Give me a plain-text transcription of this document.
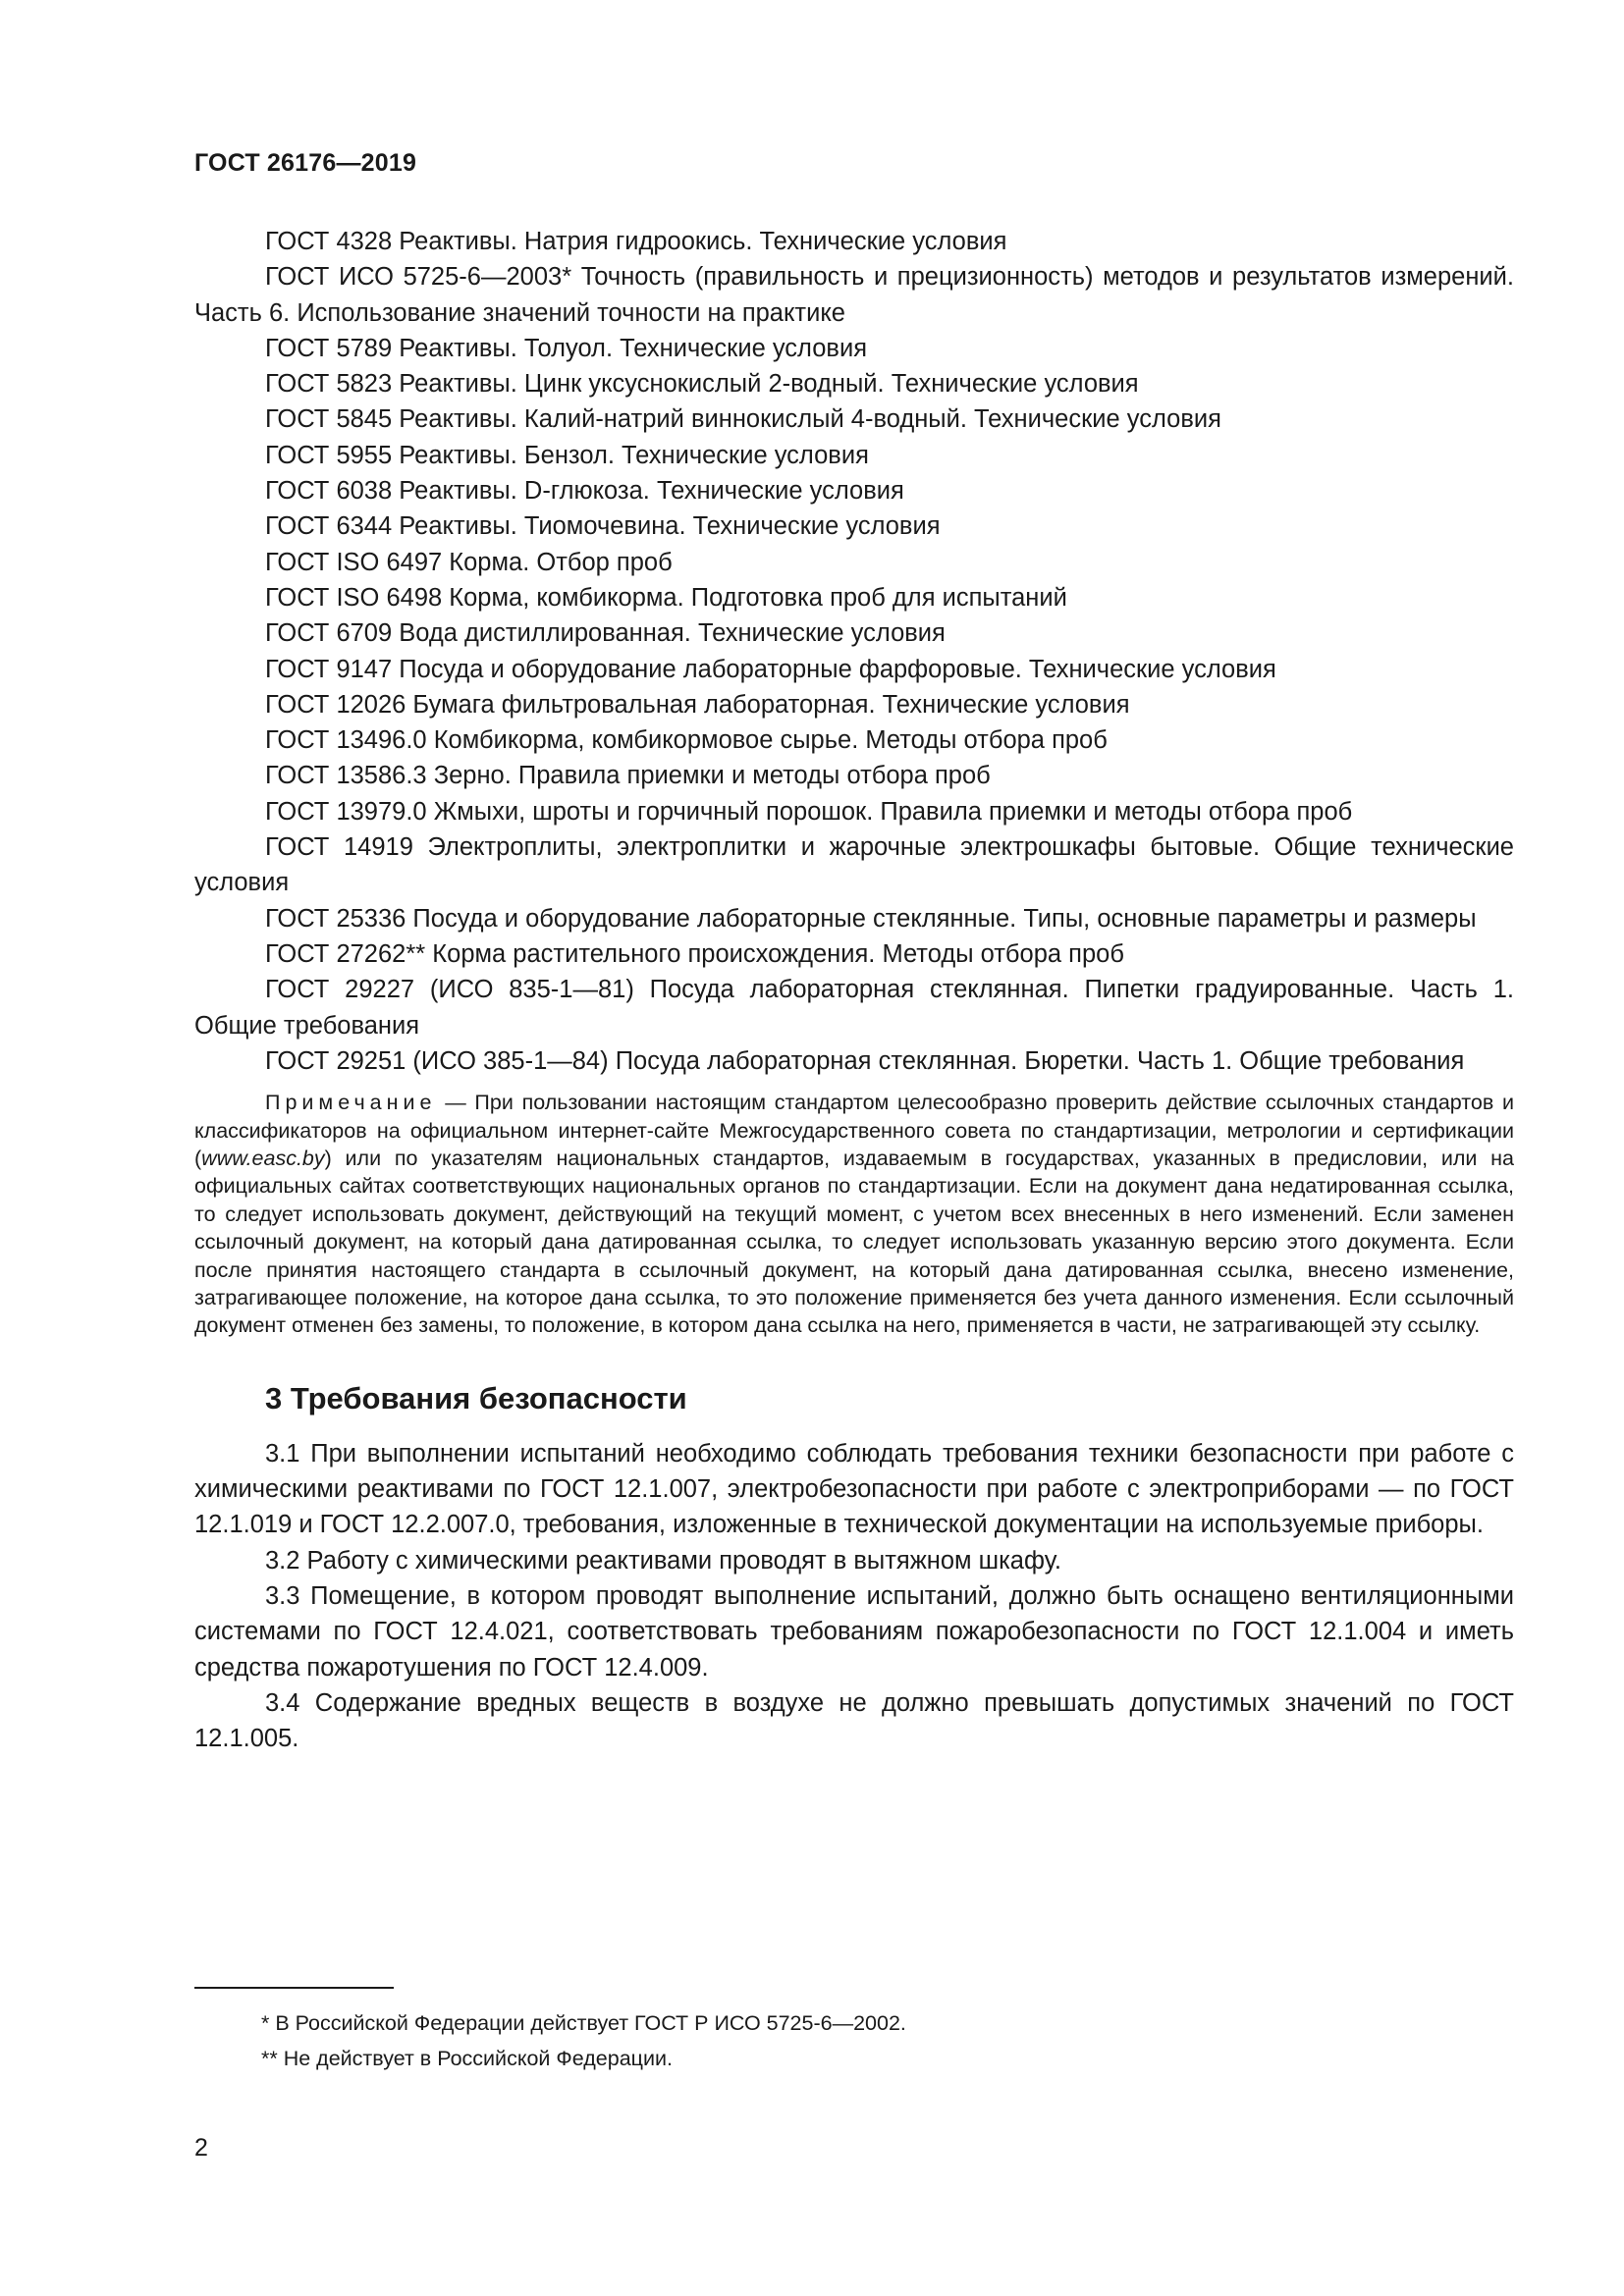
ГОСТ 26176—2019

ГОСТ 4328 Реактивы. Натрия гидроокись. Технические условия

ГОСТ ИСО 5725-6—2003* Точность (правильность и прецизионность) методов и результатов измерений. Часть 6. Использование значений точности на практике

ГОСТ 5789 Реактивы. Толуол. Технические условия

ГОСТ 5823 Реактивы. Цинк уксуснокислый 2-водный. Технические условия

ГОСТ 5845 Реактивы. Калий-натрий виннокислый 4-водный. Технические условия

ГОСТ 5955 Реактивы. Бензол. Технические условия

ГОСТ 6038 Реактивы. D-глюкоза. Технические условия

ГОСТ 6344 Реактивы. Тиомочевина. Технические условия

ГОСТ ISO 6497 Корма. Отбор проб

ГОСТ ISO 6498 Корма, комбикорма. Подготовка проб для испытаний

ГОСТ 6709 Вода дистиллированная. Технические условия

ГОСТ 9147 Посуда и оборудование лабораторные фарфоровые. Технические условия

ГОСТ 12026 Бумага фильтровальная лабораторная. Технические условия

ГОСТ 13496.0 Комбикорма, комбикормовое сырье. Методы отбора проб

ГОСТ 13586.3 Зерно. Правила приемки и методы отбора проб

ГОСТ 13979.0 Жмыхи, шроты и горчичный порошок. Правила приемки и методы отбора проб

ГОСТ 14919 Электроплиты, электроплитки и жарочные электрошкафы бытовые. Общие технические условия

ГОСТ 25336 Посуда и оборудование лабораторные стеклянные. Типы, основные параметры и размеры

ГОСТ 27262** Корма растительного происхождения. Методы отбора проб

ГОСТ 29227 (ИСО 835-1—81) Посуда лабораторная стеклянная. Пипетки градуированные. Часть 1. Общие требования

ГОСТ 29251 (ИСО 385-1—84) Посуда лабораторная стеклянная. Бюретки. Часть 1. Общие требования

Примечание — При пользовании настоящим стандартом целесообразно проверить действие ссылочных стандартов и классификаторов на официальном интернет-сайте Межгосударственного совета по стандартизации, метрологии и сертификации (www.easc.by) или по указателям национальных стандартов, издаваемым в государствах, указанных в предисловии, или на официальных сайтах соответствующих национальных органов по стандартизации. Если на документ дана недатированная ссылка, то следует использовать документ, действующий на текущий момент, с учетом всех внесенных в него изменений. Если заменен ссылочный документ, на который дана датированная ссылка, то следует использовать указанную версию этого документа. Если после принятия настоящего стандарта в ссылочный документ, на который дана датированная ссылка, внесено изменение, затрагивающее положение, на которое дана ссылка, то это положение применяется без учета данного изменения. Если ссылочный документ отменен без замены, то положение, в котором дана ссылка на него, применяется в части, не затрагивающей эту ссылку.

3 Требования безопасности

3.1 При выполнении испытаний необходимо соблюдать требования техники безопасности при работе с химическими реактивами по ГОСТ 12.1.007, электробезопасности при работе с электроприборами — по ГОСТ 12.1.019 и ГОСТ 12.2.007.0, требования, изложенные в технической документации на используемые приборы.

3.2 Работу с химическими реактивами проводят в вытяжном шкафу.

3.3 Помещение, в котором проводят выполнение испытаний, должно быть оснащено вентиляционными системами по ГОСТ 12.4.021, соответствовать требованиям пожаробезопасности по ГОСТ 12.1.004 и иметь средства пожаротушения по ГОСТ 12.4.009.

3.4 Содержание вредных веществ в воздухе не должно превышать допустимых значений по ГОСТ 12.1.005.

* В Российской Федерации действует ГОСТ Р ИСО 5725-6—2002.

** Не действует в Российской Федерации.

2
